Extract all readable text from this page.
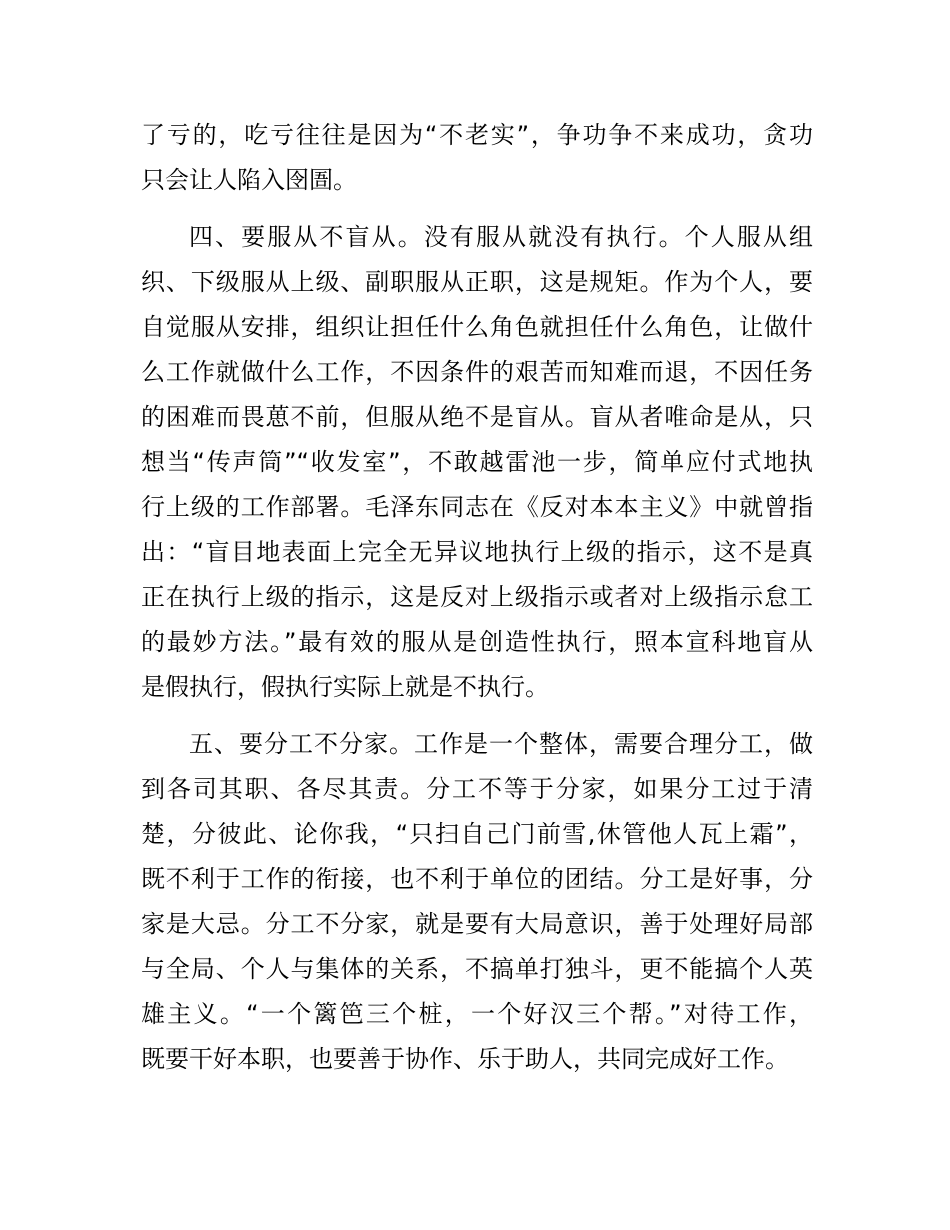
了亏的，吃亏往往是因为“不老实”，争功争不来成功，贪功
只会让人陷入囹圄。
四、要服从不盲从。没有服从就没有执行。个人服从组
织、下级服从上级、副职服从正职，这是规矩。作为个人，要
自觉服从安排，组织让担任什么角色就担任什么角色，让做什
么工作就做什么工作，不因条件的艰苦而知难而退，不因任务
的困难而畏葸不前，但服从绝不是盲从。盲从者唯命是从，只
想当“传声筒”“收发室”，不敢越雷池一步，简单应付式地执
行上级的工作部署。毛泽东同志在《反对本本主义》中就曾指
出：“盲目地表面上完全无异议地执行上级的指示，这不是真
正在执行上级的指示，这是反对上级指示或者对上级指示怠工
的最妙方法。”最有效的服从是创造性执行，照本宣科地盲从
是假执行，假执行实际上就是不执行。
五、要分工不分家。工作是一个整体，需要合理分工，做
到各司其职、各尽其责。分工不等于分家，如果分工过于清
楚，分彼此、论你我，“只扫自己门前雪,休管他人瓦上霜”，
既不利于工作的衔接，也不利于单位的团结。分工是好事，分
家是大忌。分工不分家，就是要有大局意识，善于处理好局部
与全局、个人与集体的关系，不搞单打独斗，更不能搞个人英
雄主义。“一个篱笆三个桩，一个好汉三个帮。”对待工作，
既要干好本职，也要善于协作、乐于助人，共同完成好工作。
